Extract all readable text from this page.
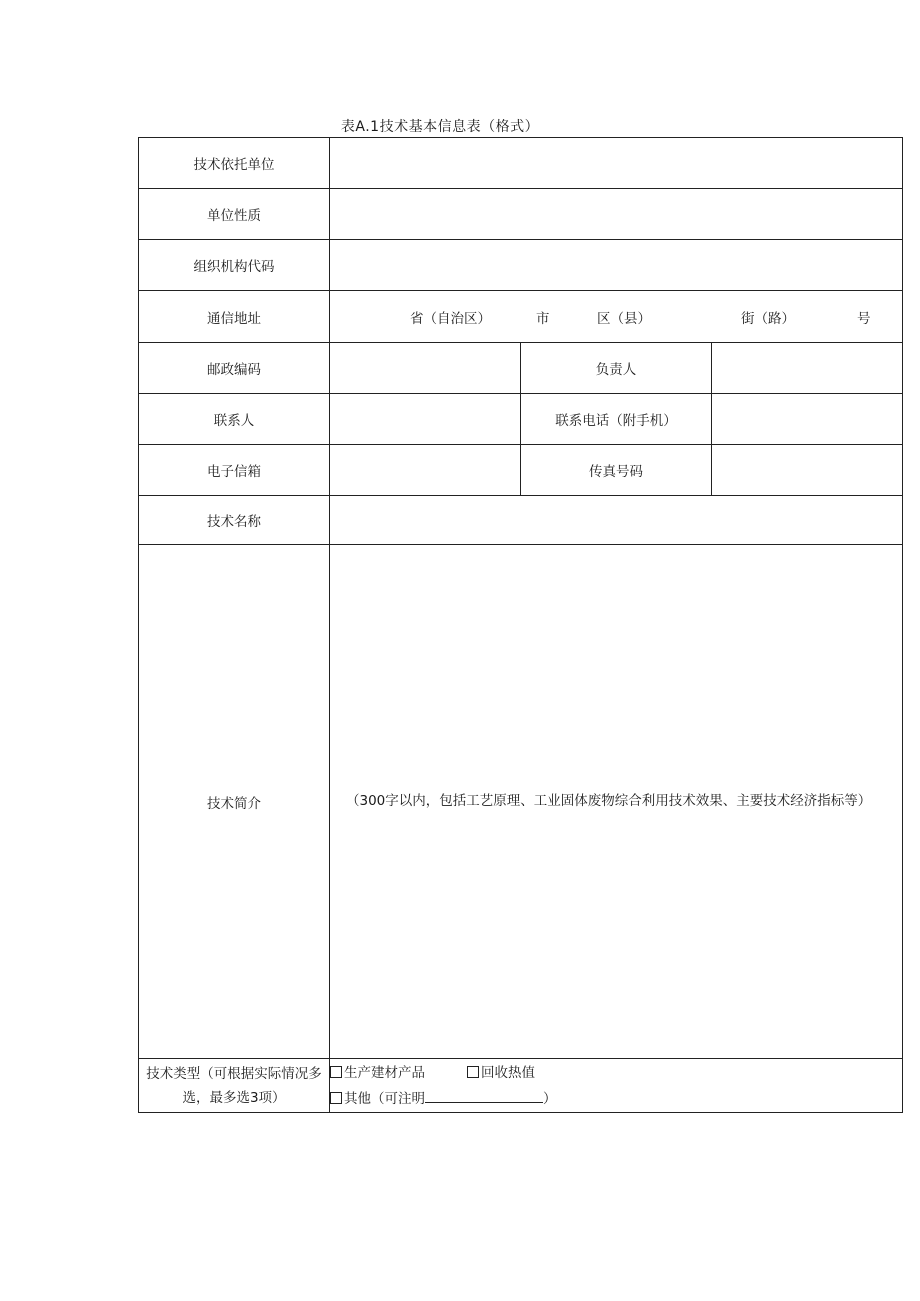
表A.1技术基本信息表（格式）
技术依托单位			
单位性质			
组织机构代码			
通信地址	省（自治区） 市 区（县） 街（路） 号		

邮政编码		负责人	
联系人		联系电话（附手机）	
电子信箱		传真号码	
技术名称			
技术简介	（300字以内，包括工艺原理、工业固体废物综合利用技术效果、主要技术经济指标等）		

技术类型（可根据实际情况多选，最多选3项）	生产建材产品 回收热值
其他（可注明 ）		
